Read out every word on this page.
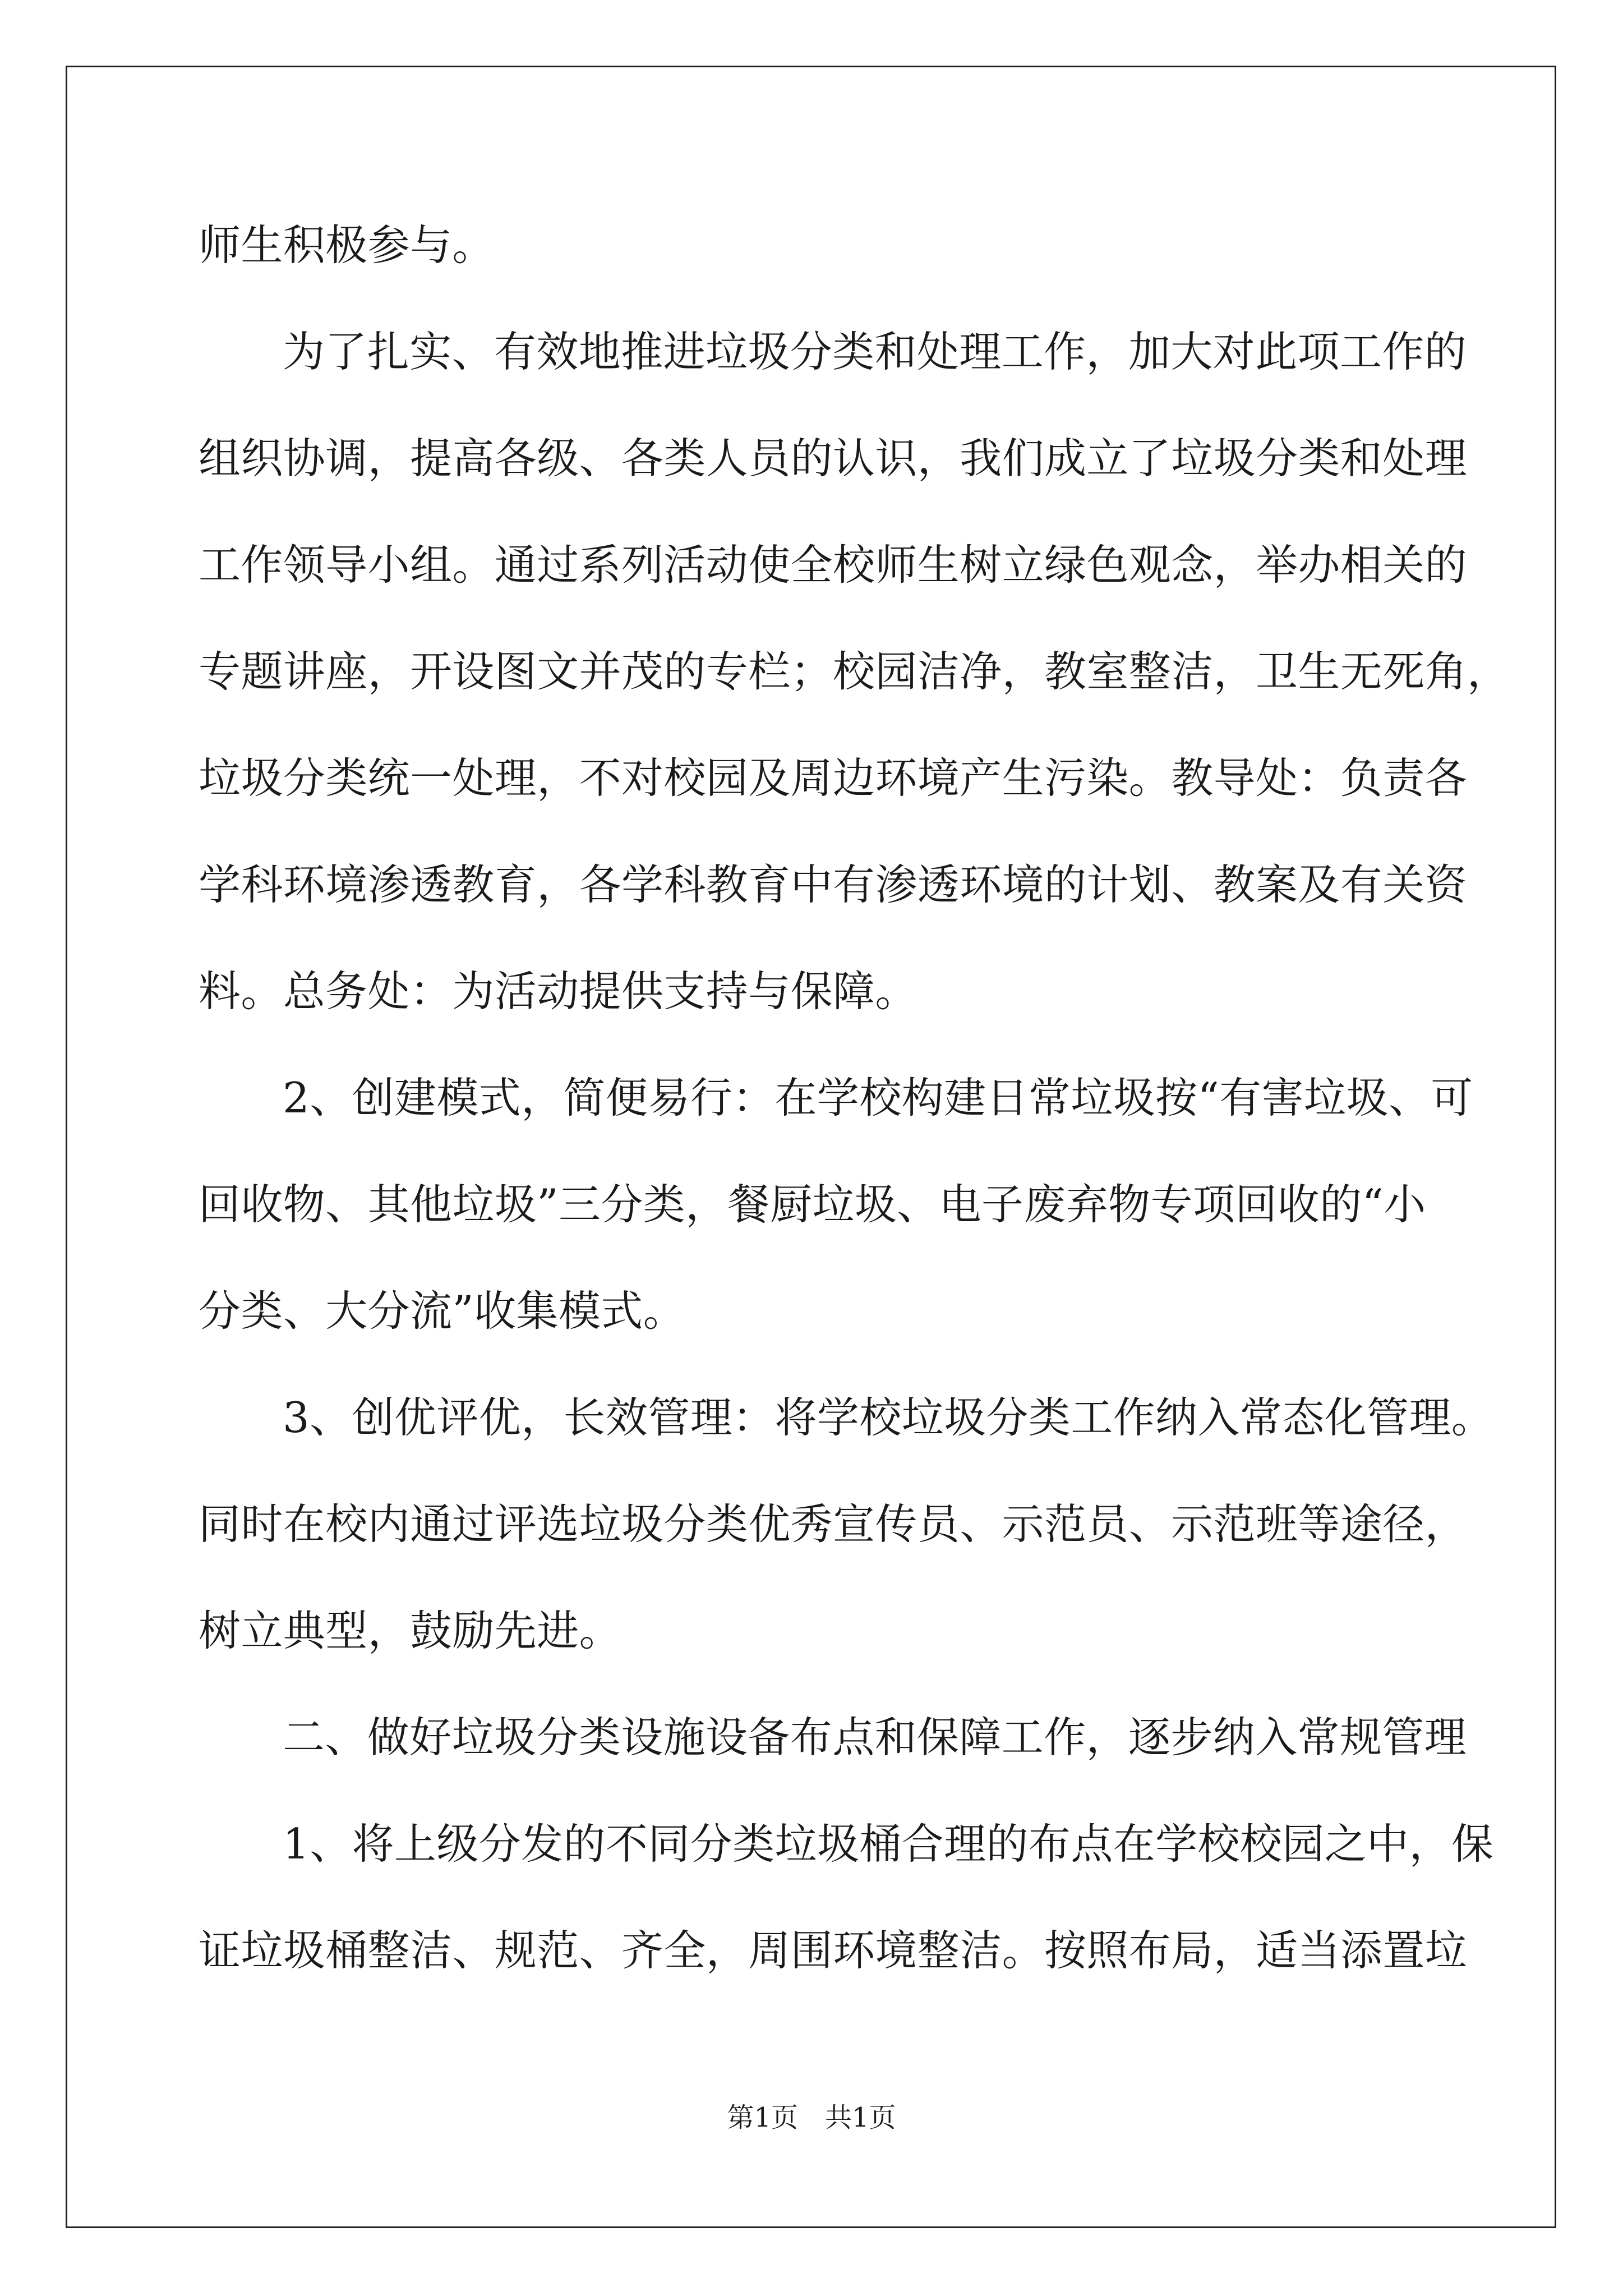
师生积极参与。
为了扎实、有效地推进垃圾分类和处理工作，加大对此项工作的
组织协调，提高各级、各类人员的认识，我们成立了垃圾分类和处理
工作领导小组。通过系列活动使全校师生树立绿色观念，举办相关的
专题讲座，开设图文并茂的专栏；校园洁净，教室整洁，卫生无死角，
垃圾分类统一处理，不对校园及周边环境产生污染。教导处：负责各
学科环境渗透教育，各学科教育中有渗透环境的计划、教案及有关资
料。总务处：为活动提供支持与保障。
2、创建模式，简便易行：在学校构建日常垃圾按“有害垃圾、可
回收物、其他垃圾”三分类，餐厨垃圾、电子废弃物专项回收的“小
分类、大分流”收集模式。
3、创优评优，长效管理：将学校垃圾分类工作纳入常态化管理。
同时在校内通过评选垃圾分类优秀宣传员、示范员、示范班等途径，
树立典型，鼓励先进。
二、做好垃圾分类设施设备布点和保障工作，逐步纳入常规管理
1、将上级分发的不同分类垃圾桶合理的布点在学校校园之中，保
证垃圾桶整洁、规范、齐全，周围环境整洁。按照布局，适当添置垃
第1页　共1页
